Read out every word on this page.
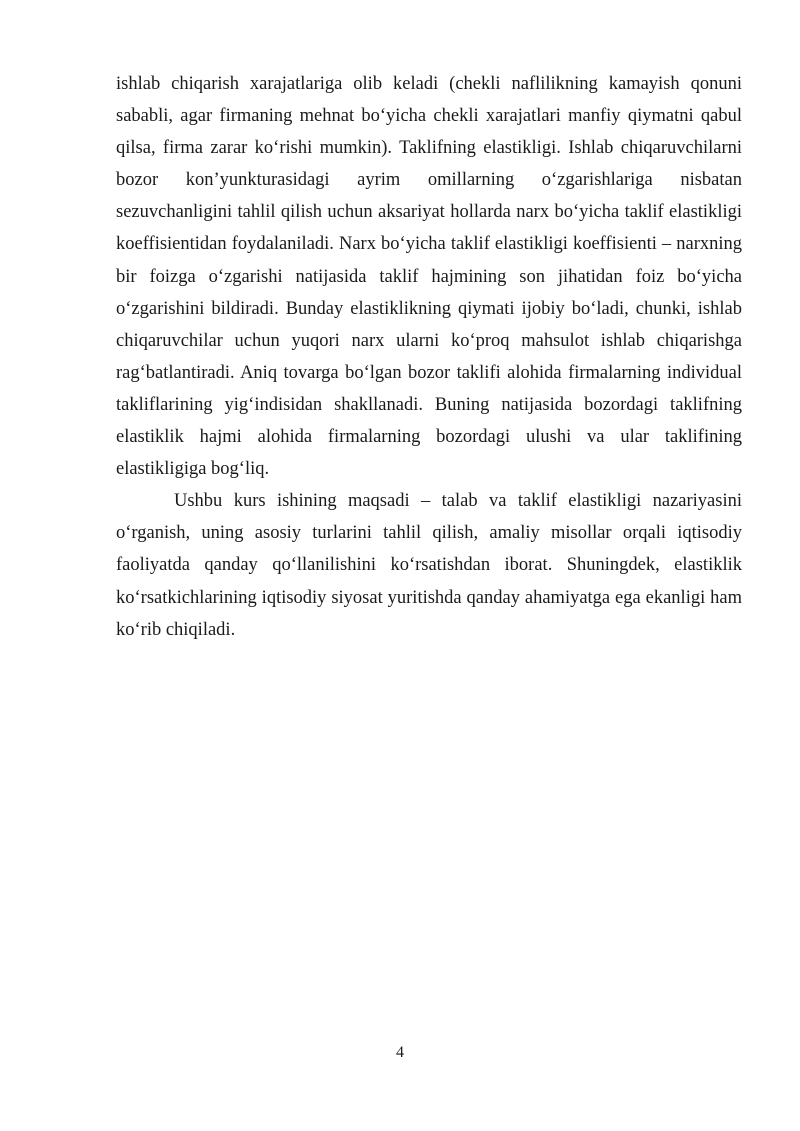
ishlab chiqarish xarajatlariga olib keladi (chekli naflilikning kamayish qonuni sababli, agar firmaning mehnat bo‘yicha chekli xarajatlari manfiy qiymatni qabul qilsa, firma zarar ko‘rishi mumkin). Taklifning elastikligi. Ishlab chiqaruvchilarni bozor kon’yunkturasidagi ayrim omillarning o‘zgarishlariga nisbatan sezuvchanligini tahlil qilish uchun aksariyat hollarda narx bo‘yicha taklif elastikligi koeffisientidan foydalaniladi. Narx bo‘yicha taklif elastikligi koeffisienti – narxning bir foizga o‘zgarishi natijasida taklif hajmining son jihatidan foiz bo‘yicha o‘zgarishini bildiradi. Bunday elastiklikning qiymati ijobiy bo‘ladi, chunki, ishlab chiqaruvchilar uchun yuqori narx ularni ko‘proq mahsulot ishlab chiqarishga rag‘batlantiradi. Aniq tovarga bo‘lgan bozor taklifi alohida firmalarning individual takliflarining yig‘indisidan shakllanadi. Buning natijasida bozordagi taklifning elastiklik hajmi alohida firmalarning bozordagi ulushi va ular taklifining elastikligiga bog‘liq.

Ushbu kurs ishining maqsadi – talab va taklif elastikligi nazariyasini o‘rganish, uning asosiy turlarini tahlil qilish, amaliy misollar orqali iqtisodiy faoliyatda qanday qo‘llanilishini ko‘rsatishdan iborat. Shuningdek, elastiklik ko‘rsatkichlarining iqtisodiy siyosat yuritishda qanday ahamiyatga ega ekanligi ham ko‘rib chiqiladi.

4
